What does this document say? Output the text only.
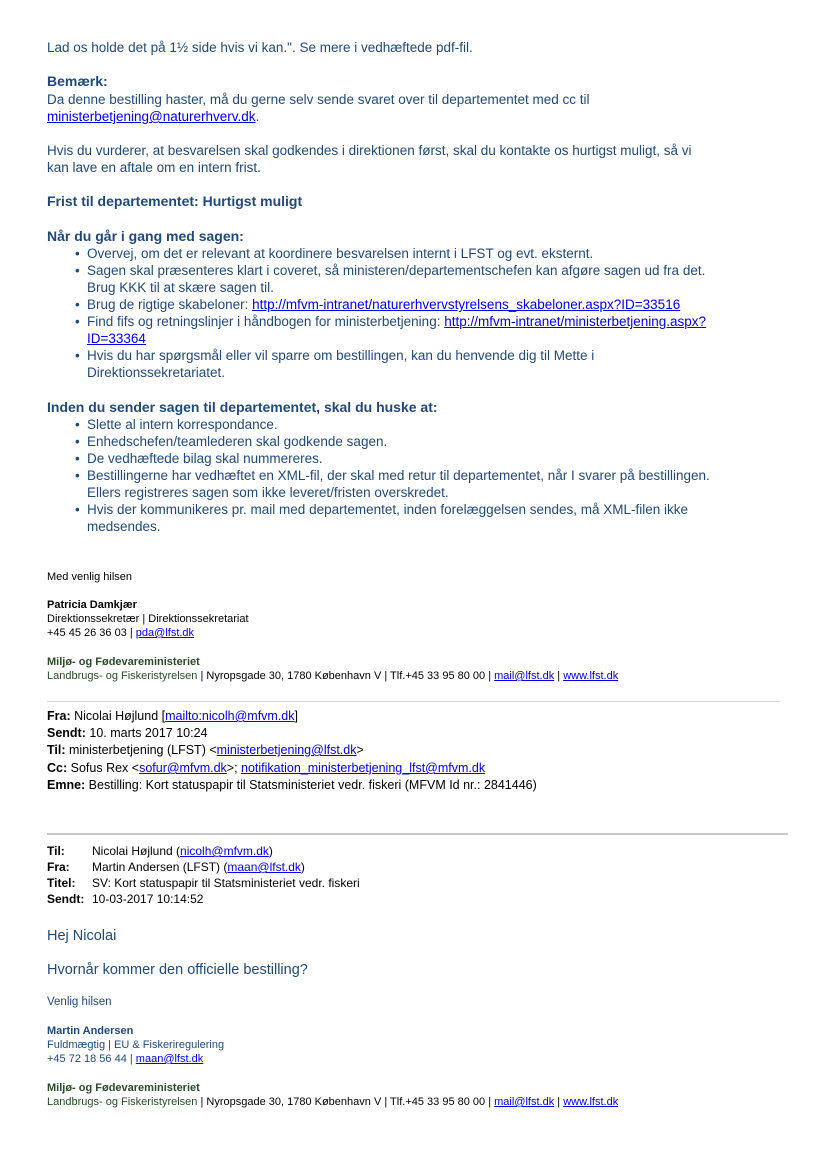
Lad os holde det på 1½ side hvis vi kan.". Se mere i vedhæftede pdf-fil.
Bemærk:
Da denne bestilling haster, må du gerne selv sende svaret over til departementet med cc til
ministerbetjening@naturerhverv.dk.
Hvis du vurderer, at besvarelsen skal godkendes i direktionen først, skal du kontakte os hurtigst muligt, så vi
kan lave en aftale om en intern frist.
Frist til departementet: Hurtigst muligt
Når du går i gang med sagen:
• Overvej, om det er relevant at koordinere besvarelsen internt i LFST og evt. eksternt.
• Sagen skal præsenteres klart i coveret, så ministeren/departementschefen kan afgøre sagen ud fra det.
Brug KKK til at skære sagen til.
• Brug de rigtige skabeloner: http://mfvm-intranet/naturerhvervstyrelsens_skabeloner.aspx?ID=33516
• Find fifs og retningslinjer i håndbogen for ministerbetjening: http://mfvm-intranet/ministerbetjening.aspx?
ID=33364
• Hvis du har spørgsmål eller vil sparre om bestillingen, kan du henvende dig til Mette i
Direktionssekretariatet.
Inden du sender sagen til departementet, skal du huske at:
• Slette al intern korrespondance.
• Enhedschefen/teamlederen skal godkende sagen.
• De vedhæftede bilag skal nummereres.
• Bestillingerne har vedhæftet en XML-fil, der skal med retur til departementet, når I svarer på bestillingen.
Ellers registreres sagen som ikke leveret/fristen overskredet.
• Hvis der kommunikeres pr. mail med departementet, inden forelæggelsen sendes, må XML-filen ikke
medsendes.
Med venlig hilsen
Patricia Damkjær
Direktionssekretær | Direktionssekretariat
+45 45 26 36 03 | pda@lfst.dk
Miljø- og Fødevareministeriet
Landbrugs- og Fiskeristyrelsen | Nyropsgade 30, 1780 København V | Tlf.+45 33 95 80 00 | mail@lfst.dk | www.lfst.dk
Fra: Nicolai Højlund [mailto:nicolh@mfvm.dk]
Sendt: 10. marts 2017 10:24
Til: ministerbetjening (LFST) <ministerbetjening@lfst.dk>
Cc: Sofus Rex <sofur@mfvm.dk>; notifikation_ministerbetjening_lfst@mfvm.dk
Emne: Bestilling: Kort statuspapir til Statsministeriet vedr. fiskeri (MFVM Id nr.: 2841446)
Til: Nicolai Højlund (nicolh@mfvm.dk)
Fra: Martin Andersen (LFST) (maan@lfst.dk)
Titel: SV: Kort statuspapir til Statsministeriet vedr. fiskeri
Sendt: 10-03-2017 10:14:52
Hej Nicolai
Hvornår kommer den officielle bestilling?
Venlig hilsen
Martin Andersen
Fuldmægtig | EU & Fiskeriregulering
+45 72 18 56 44 | maan@lfst.dk
Miljø- og Fødevareministeriet
Landbrugs- og Fiskeristyrelsen | Nyropsgade 30, 1780 København V | Tlf.+45 33 95 80 00 | mail@lfst.dk | www.lfst.dk
